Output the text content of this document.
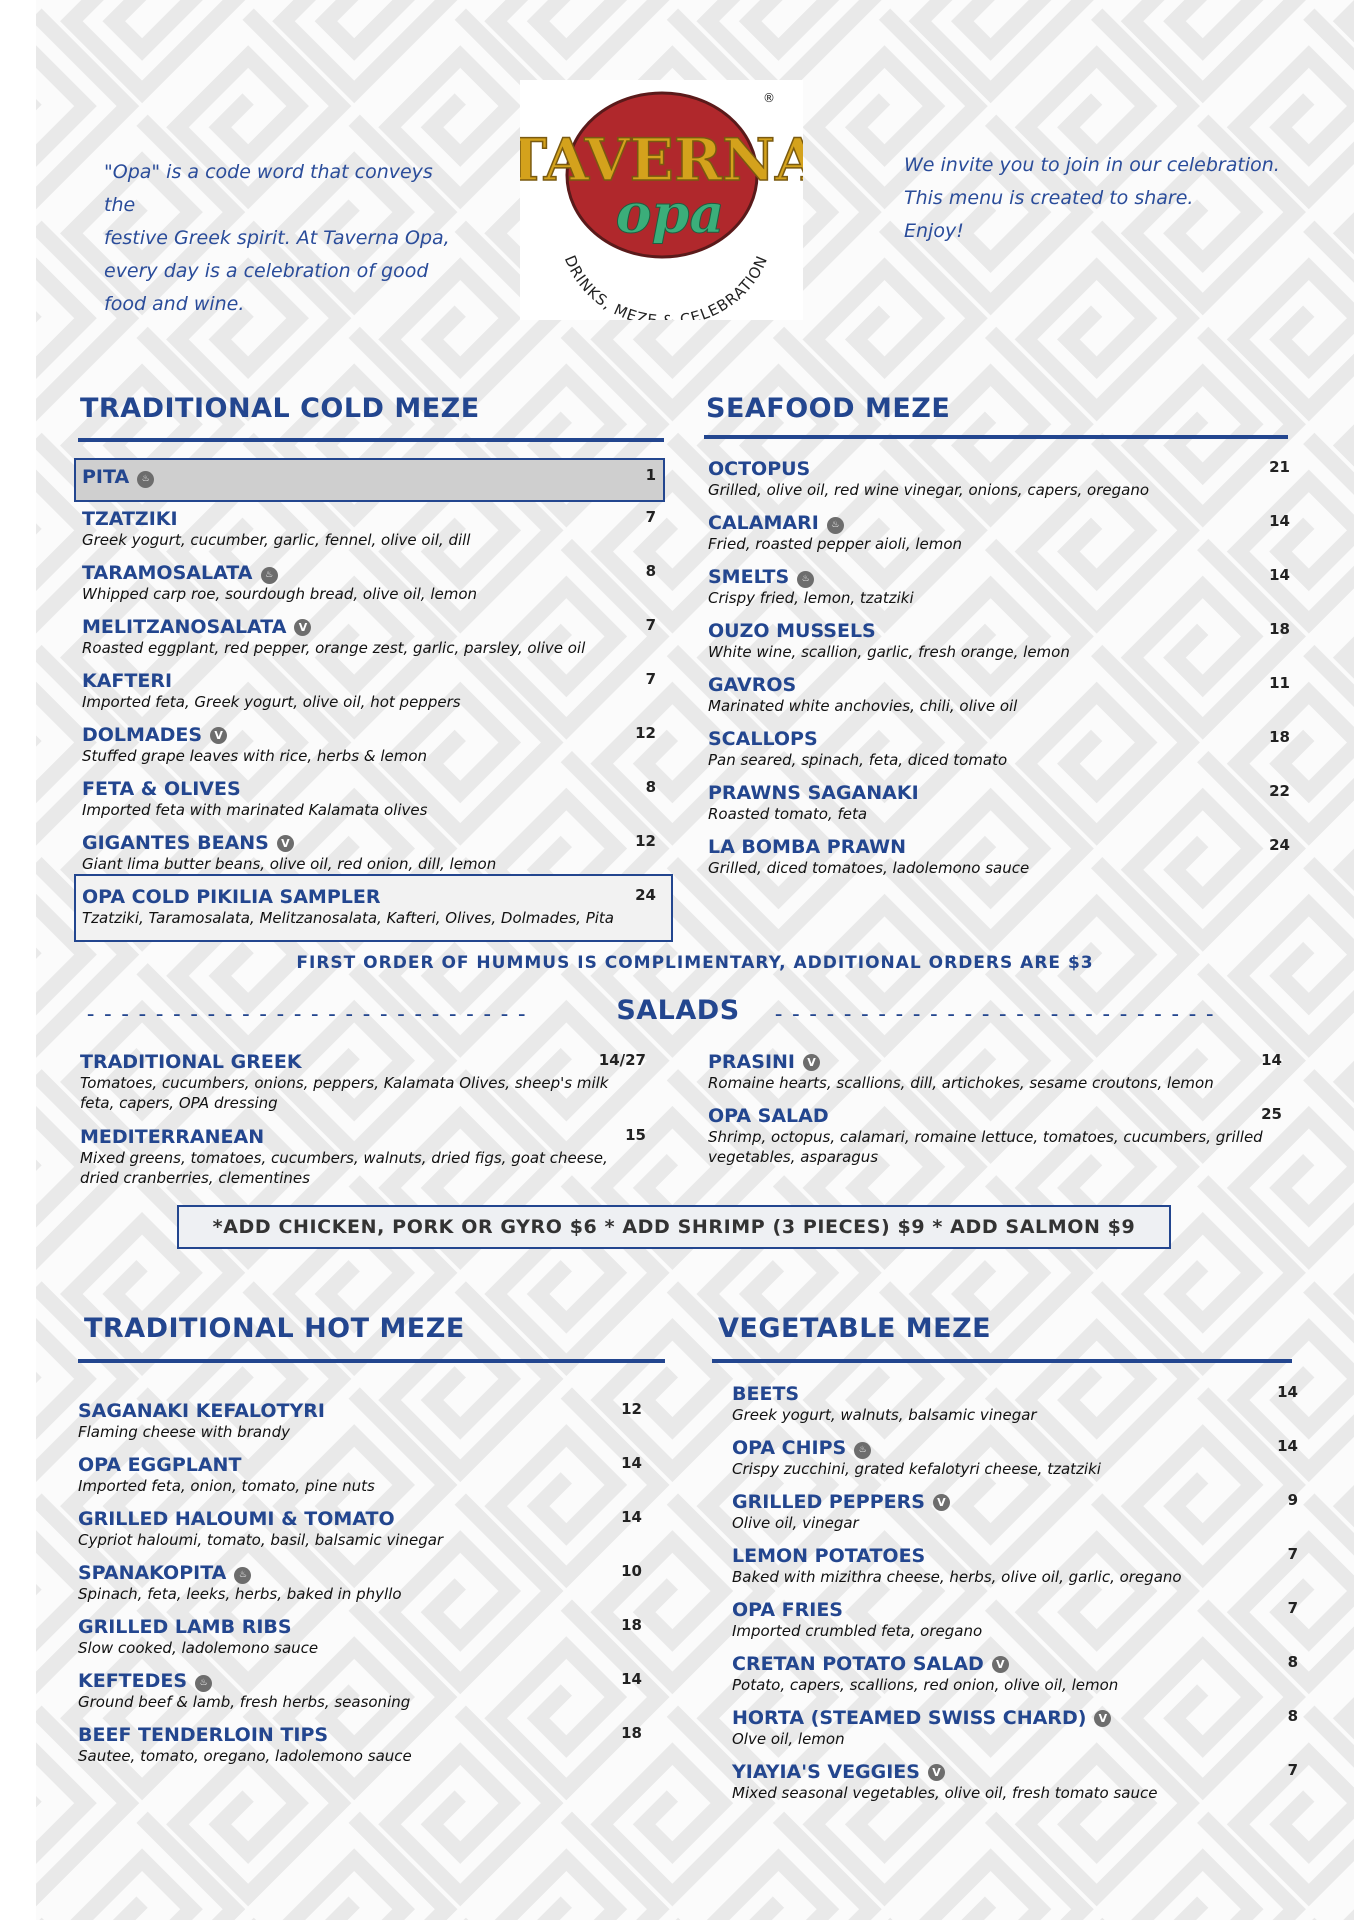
"Opa" is a code word that conveys the
festive Greek spirit. At Taverna Opa,
every day is a celebration of good
food and wine.
We invite you to join in our celebration.
This menu is created to share.
Enjoy!
TAVERNA
opa
DRINKS, MEZ CELEBRATION
®
TRADITIONAL COLD MEZE	SEAFOOD MEZE
PITA ♨	1
TZATZIKI	7
Greek yogurt, cucumber, garlic, fennel, olive oil, dill
TARAMOSALATA ♨	8
Whipped carp roe, sourdough bread, olive oil, lemon
MELITZANOSALATA V	7
Roasted eggplant, red pepper, orange zest, garlic, parsley, olive oil
KAFTERI	7
Imported feta, Greek yogurt, olive oil, hot peppers
DOLMADES V	12
Stuffed grape leaves with rice, herbs & lemon
FETA & OLIVES	8
Imported feta with marinated Kalamata olives
GIGANTES BEANS V	12
Giant lima butter beans, olive oil, red onion, dill, lemon
OPA COLD PIKILIA SAMPLER	24
Tzatziki, Taramosalata, Melitzanosalata, Kafteri, Olives, Dolmades, Pita
OCTOPUS	21
Grilled, olive oil, red wine vinegar, onions, capers, oregano
CALAMARI ♨	14
Fried, roasted pepper aioli, lemon
SMELTS ♨	14
Crispy fried, lemon, tzatziki
OUZO MUSSELS	18
White wine, scallion, garlic, fresh orange, lemon
GAVROS	11
Marinated white anchovies, chili, olive oil
SCALLOPS	18
Pan seared, spinach, feta, diced tomato
PRAWNS SAGANAKI	22
Roasted tomato, feta
LA BOMBA PRAWN	24
Grilled, diced tomatoes, ladolemono sauce
FIRST ORDER OF HUMMUS IS COMPLIMENTARY, ADDITIONAL ORDERS ARE $3
--------------------------	SALADS	--------------------------
TRADITIONAL GREEK	14/27
Tomatoes, cucumbers, onions, peppers, Kalamata Olives, sheep's milk feta, capers, OPA dressing
MEDITERRANEAN	15
Mixed greens, tomatoes, cucumbers, walnuts, dried figs, goat cheese, dried cranberries, clementines
PRASINI V	14
Romaine hearts, scallions, dill, artichokes, sesame croutons, lemon
OPA SALAD	25
Shrimp, octopus, calamari, romaine lettuce, tomatoes, cucumbers, grilled vegetables, asparagus
*ADD CHICKEN, PORK OR GYRO $6 * ADD SHRIMP (3 PIECES) $9 * ADD SALMON $9
TRADITIONAL HOT MEZE	VEGETABLE MEZE
SAGANAKI KEFALOTYRI	12
Flaming cheese with brandy
OPA EGGPLANT	14
Imported feta, onion, tomato, pine nuts
GRILLED HALOUMI & TOMATO	14
Cypriot haloumi, tomato, basil, balsamic vinegar
SPANAKOPITA ♨	10
Spinach, feta, leeks, herbs, baked in phyllo
GRILLED LAMB RIBS	18
Slow cooked, ladolemono sauce
KEFTEDES ♨	14
Ground beef & lamb, fresh herbs, seasoning
BEEF TENDERLOIN TIPS	18
Sautee, tomato, oregano, ladolemono sauce
BEETS	14
Greek yogurt, walnuts, balsamic vinegar
OPA CHIPS ♨	14
Crispy zucchini, grated kefalotyri cheese, tzatziki
GRILLED PEPPERS V	9
Olive oil, vinegar
LEMON POTATOES	7
Baked with mizithra cheese, herbs, olive oil, garlic, oregano
OPA FRIES	7
Imported crumbled feta, oregano
CRETAN POTATO SALAD V	8
Potato, capers, scallions, red onion, olive oil, lemon
HORTA (STEAMED SWISS CHARD) V	8
Olve oil, lemon
YIAYIA'S VEGGIES V	7
Mixed seasonal vegetables, olive oil, fresh tomato sauce
